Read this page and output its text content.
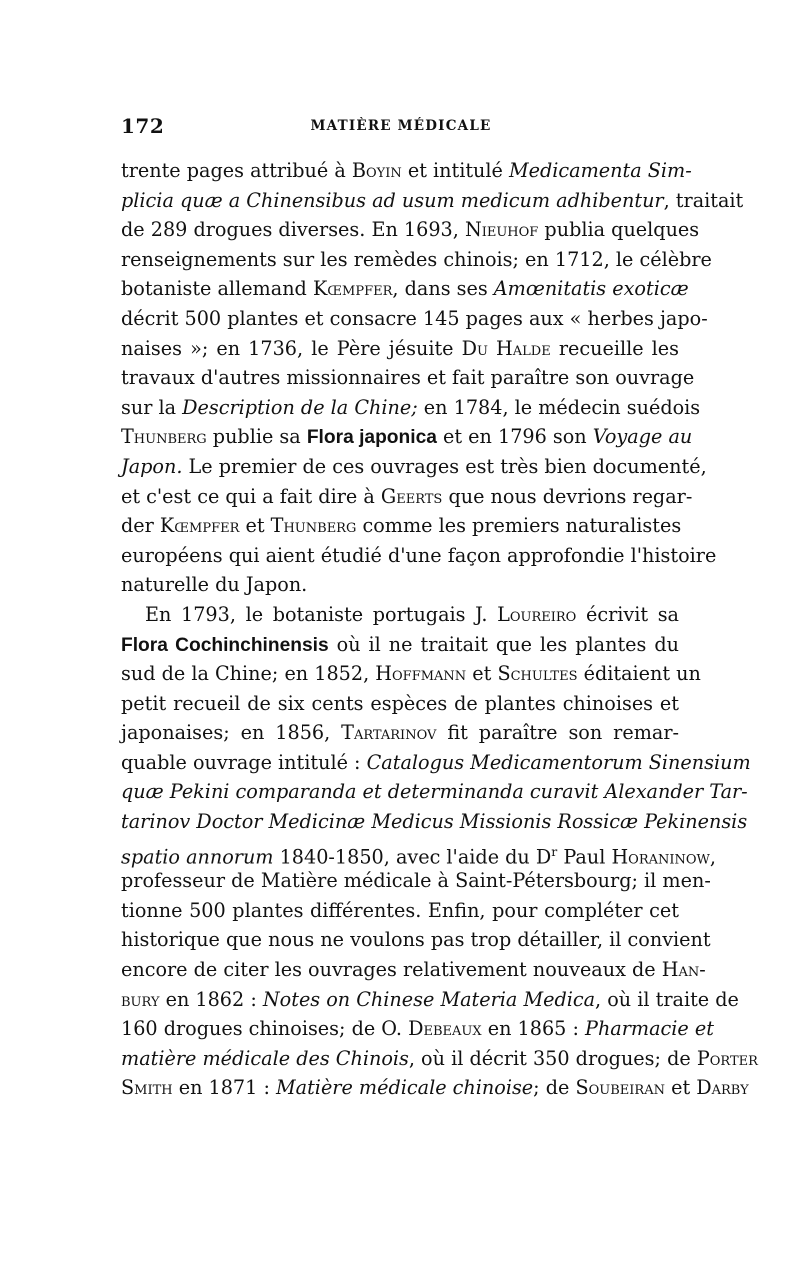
172	MATIÈRE MÉDICALE
trente pages attribué à Boyin et intitulé Medicamenta Sim-
plicia quæ a Chinensibus ad usum medicum adhibentur, traitait
de 289 drogues diverses. En 1693, Nieuhof publia quelques
renseignements sur les remèdes chinois; en 1712, le célèbre
botaniste allemand Kœmpfer, dans ses Amœnitatis exoticæ
décrit 500 plantes et consacre 145 pages aux « herbes japo-
naises »; en 1736, le Père jésuite Du Halde recueille les
travaux d'autres missionnaires et fait paraître son ouvrage
sur la Description de la Chine; en 1784, le médecin suédois
Thunberg publie sa Flora japonica et en 1796 son Voyage au
Japon. Le premier de ces ouvrages est très bien documenté,
et c'est ce qui a fait dire à Geerts que nous devrions regar-
der Kœmpfer et Thunberg comme les premiers naturalistes
européens qui aient étudié d'une façon approfondie l'histoire
naturelle du Japon.
En 1793, le botaniste portugais J. Loureiro écrivit sa
Flora Cochinchinensis où il ne traitait que les plantes du
sud de la Chine; en 1852, Hoffmann et Schultes éditaient un
petit recueil de six cents espèces de plantes chinoises et
japonaises; en 1856, Tartarinov fit paraître son remar-
quable ouvrage intitulé : Catalogus Medicamentorum Sinensium
quæ Pekini comparanda et determinanda curavit Alexander Tar-
tarinov Doctor Medicinæ Medicus Missionis Rossicæ Pekinensis
spatio annorum 1840-1850, avec l'aide du $D^r$ Paul Horaninow,
professeur de Matière médicale à Saint-Pétersbourg; il men-
tionne 500 plantes différentes. Enfin, pour compléter cet
historique que nous ne voulons pas trop détailler, il convient
encore de citer les ouvrages relativement nouveaux de Han-
bury en 1862 : Notes on Chinese Materia Medica, où il traite de
160 drogues chinoises; de O. Debeaux en 1865 : Pharmacie et
matière médicale des Chinois, où il décrit 350 drogues; de Porter
Smith en 1871 : Matière médicale chinoise; de Soubeiran et Darby
